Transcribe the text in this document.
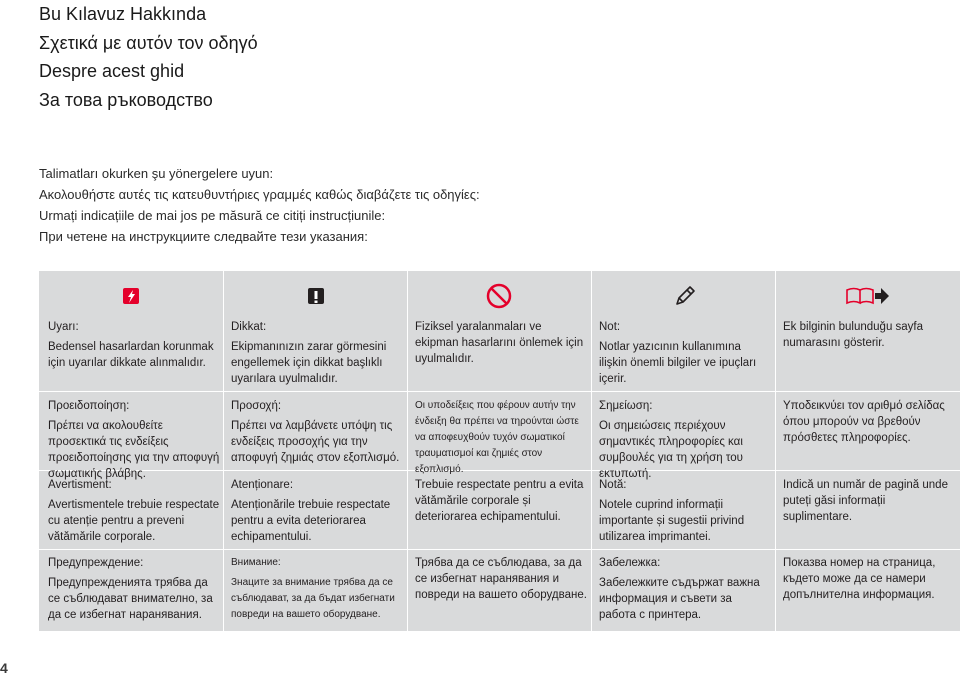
Bu Kılavuz Hakkında
Σχετικά με αυτόν τον οδηγό
Despre acest ghid
За това ръководство
Talimatları okurken şu yönergelere uyun:
Ακολουθήστε αυτές τις κατευθυντήριες γραμμές καθώς διαβάζετε τις οδηγίες:
Urmați indicațiile de mai jos pe măsură ce citiți instrucțiunile:
При четене на инструкциите следвайте тези указания:
Uyarı:
Bedensel hasarlardan korunmak için uyarılar dikkate alınmalıdır.
Dikkat:
Ekipmanınızın zarar görmesini engellemek için dikkat başlıklı uyarılara uyulmalıdır.
Fiziksel yaralanmaları ve ekipman hasarlarını önlemek için uyulmalıdır.
Not:
Notlar yazıcının kullanımına ilişkin önemli bilgiler ve ipuçları içerir.
Ek bilginin bulunduğu sayfa numarasını gösterir.
Προειδοποίηση:
Πρέπει να ακολουθείτε προσεκτικά τις ενδείξεις προειδοποίησης για την αποφυγή σωματικής βλάβης.
Προσοχή:
Πρέπει να λαμβάνετε υπόψη τις ενδείξεις προσοχής για την αποφυγή ζημιάς στον εξοπλισμό.
Οι υποδείξεις που φέρουν αυτήν την ένδειξη θα πρέπει να τηρούνται ώστε να αποφευχθούν τυχόν σωματικοί τραυματισμοί και ζημιές στον εξοπλισμό.
Σημείωση:
Οι σημειώσεις περιέχουν σημαντικές πληροφορίες και συμβουλές για τη χρήση του εκτυπωτή.
Υποδεικνύει τον αριθμό σελίδας όπου μπορούν να βρεθούν πρόσθετες πληροφορίες.
Avertisment:
Avertismentele trebuie respectate cu atenție pentru a preveni vătămările corporale.
Atenționare:
Atenționările trebuie respectate pentru a evita deteriorarea echipamentului.
Trebuie respectate pentru a evita vătămările corporale și deteriorarea echipamentului.
Notă:
Notele cuprind informații importante și sugestii privind utilizarea imprimantei.
Indică un număr de pagină unde puteți găsi informații suplimentare.
Предупреждение:
Предупрежденията трябва да се съблюдават внимателно, за да се избегнат наранявания.
Внимание:
Знаците за внимание трябва да се съблюдават, за да бъдат избегнати повреди на вашето оборудване.
Трябва да се съблюдава, за да се избегнат наранявания и повреди на вашето оборудване.
Забележка:
Забележките съдържат важна информация и съвети за работа с принтера.
Показва номер на страница, където може да се намери допълнителна информация.
4
